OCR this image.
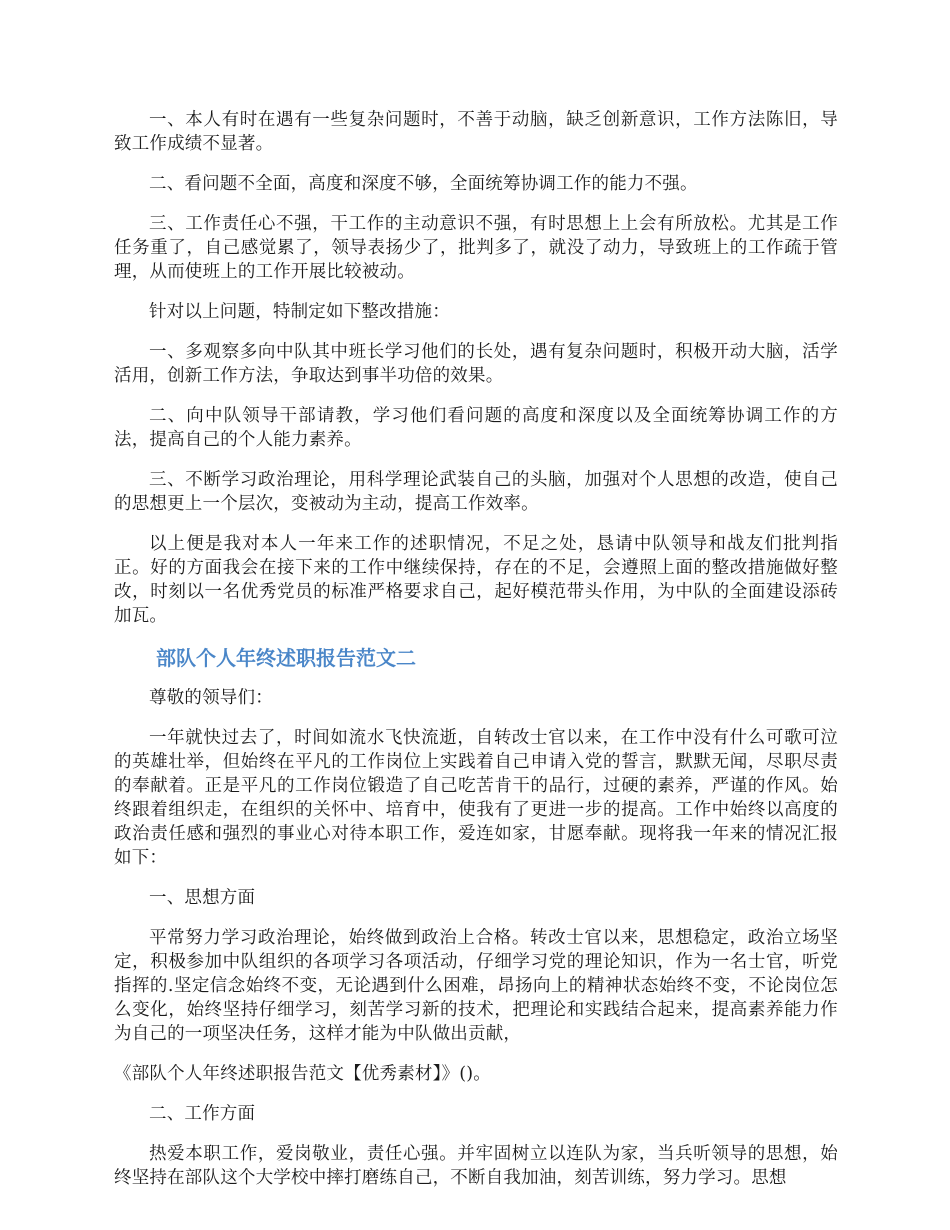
一、本人有时在遇有一些复杂问题时，不善于动脑，缺乏创新意识，工作方法陈旧，导致工作成绩不显著。

二、看问题不全面，高度和深度不够，全面统筹协调工作的能力不强。

三、工作责任心不强，干工作的主动意识不强，有时思想上上会有所放松。尤其是工作任务重了，自己感觉累了，领导表扬少了，批判多了，就没了动力，导致班上的工作疏于管理，从而使班上的工作开展比较被动。

针对以上问题，特制定如下整改措施：

一、多观察多向中队其中班长学习他们的长处，遇有复杂问题时，积极开动大脑，活学活用，创新工作方法，争取达到事半功倍的效果。

二、向中队领导干部请教，学习他们看问题的高度和深度以及全面统筹协调工作的方法，提高自己的个人能力素养。

三、不断学习政治理论，用科学理论武装自己的头脑，加强对个人思想的改造，使自己的思想更上一个层次，变被动为主动，提高工作效率。

以上便是我对本人一年来工作的述职情况，不足之处，恳请中队领导和战友们批判指正。好的方面我会在接下来的工作中继续保持，存在的不足，会遵照上面的整改措施做好整改，时刻以一名优秀党员的标准严格要求自己，起好模范带头作用，为中队的全面建设添砖加瓦。

部队个人年终述职报告范文二

尊敬的领导们：

一年就快过去了，时间如流水飞快流逝，自转改士官以来，在工作中没有什么可歌可泣的英雄壮举，但始终在平凡的工作岗位上实践着自己申请入党的誓言，默默无闻，尽职尽责的奉献着。正是平凡的工作岗位锻造了自己吃苦肯干的品行，过硬的素养，严谨的作风。始终跟着组织走，在组织的关怀中、培育中，使我有了更进一步的提高。工作中始终以高度的政治责任感和强烈的事业心对待本职工作，爱连如家，甘愿奉献。现将我一年来的情况汇报如下：

一、思想方面

平常努力学习政治理论，始终做到政治上合格。转改士官以来，思想稳定，政治立场坚定，积极参加中队组织的各项学习各项活动，仔细学习党的理论知识，作为一名士官，听党指挥的.坚定信念始终不变，无论遇到什么困难，昂扬向上的精神状态始终不变，不论岗位怎么变化，始终坚持仔细学习，刻苦学习新的技术，把理论和实践结合起来，提高素养能力作为自己的一项坚决任务，这样才能为中队做出贡献，

《部队个人年终述职报告范文【优秀素材】》()。

二、工作方面

热爱本职工作，爱岗敬业，责任心强。并牢固树立以连队为家，当兵听领导的思想，始终坚持在部队这个大学校中摔打磨练自己，不断自我加油，刻苦训练，努力学习。思想
